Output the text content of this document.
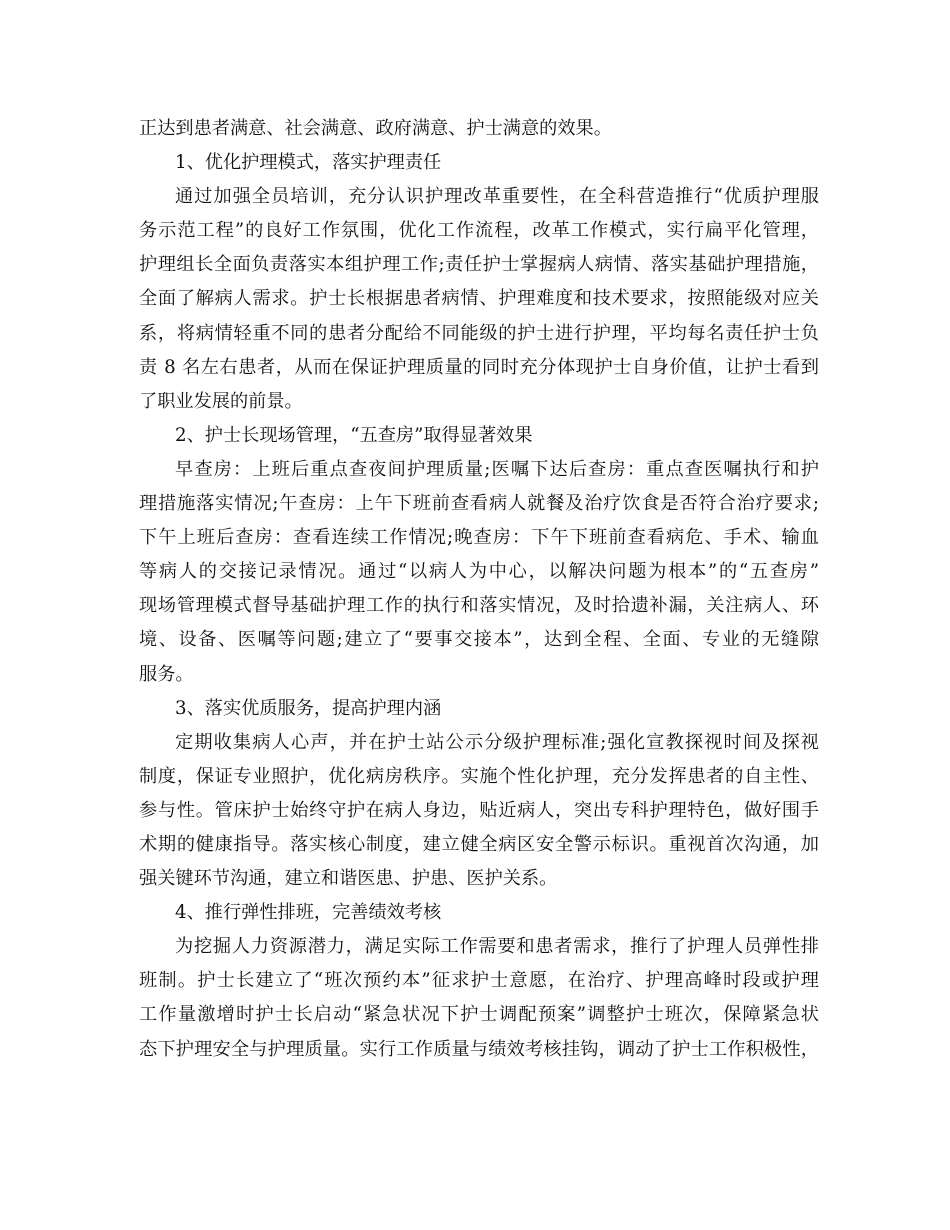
正达到患者满意、社会满意、政府满意、护士满意的效果。
1、优化护理模式，落实护理责任
通过加强全员培训，充分认识护理改革重要性，在全科营造推行“优质护理服
务示范工程”的良好工作氛围，优化工作流程，改革工作模式，实行扁平化管理，
护理组长全面负责落实本组护理工作;责任护士掌握病人病情、落实基础护理措施，
全面了解病人需求。护士长根据患者病情、护理难度和技术要求，按照能级对应关
系，将病情轻重不同的患者分配给不同能级的护士进行护理，平均每名责任护士负
责 8 名左右患者，从而在保证护理质量的同时充分体现护士自身价值，让护士看到
了职业发展的前景。
2、护士长现场管理，“五查房”取得显著效果
早查房：上班后重点查夜间护理质量;医嘱下达后查房：重点查医嘱执行和护
理措施落实情况;午查房：上午下班前查看病人就餐及治疗饮食是否符合治疗要求;
下午上班后查房：查看连续工作情况;晚查房：下午下班前查看病危、手术、输血
等病人的交接记录情况。通过“以病人为中心，以解决问题为根本”的“五查房”
现场管理模式督导基础护理工作的执行和落实情况，及时拾遗补漏，关注病人、环
境、设备、医嘱等问题;建立了“要事交接本”，达到全程、全面、专业的无缝隙
服务。
3、落实优质服务，提高护理内涵
定期收集病人心声，并在护士站公示分级护理标准;强化宣教探视时间及探视
制度，保证专业照护，优化病房秩序。实施个性化护理，充分发挥患者的自主性、
参与性。管床护士始终守护在病人身边，贴近病人，突出专科护理特色，做好围手
术期的健康指导。落实核心制度，建立健全病区安全警示标识。重视首次沟通，加
强关键环节沟通，建立和谐医患、护患、医护关系。
4、推行弹性排班，完善绩效考核
为挖掘人力资源潜力，满足实际工作需要和患者需求，推行了护理人员弹性排
班制。护士长建立了“班次预约本”征求护士意愿，在治疗、护理高峰时段或护理
工作量激增时护士长启动“紧急状况下护士调配预案”调整护士班次，保障紧急状
态下护理安全与护理质量。实行工作质量与绩效考核挂钩，调动了护士工作积极性，
